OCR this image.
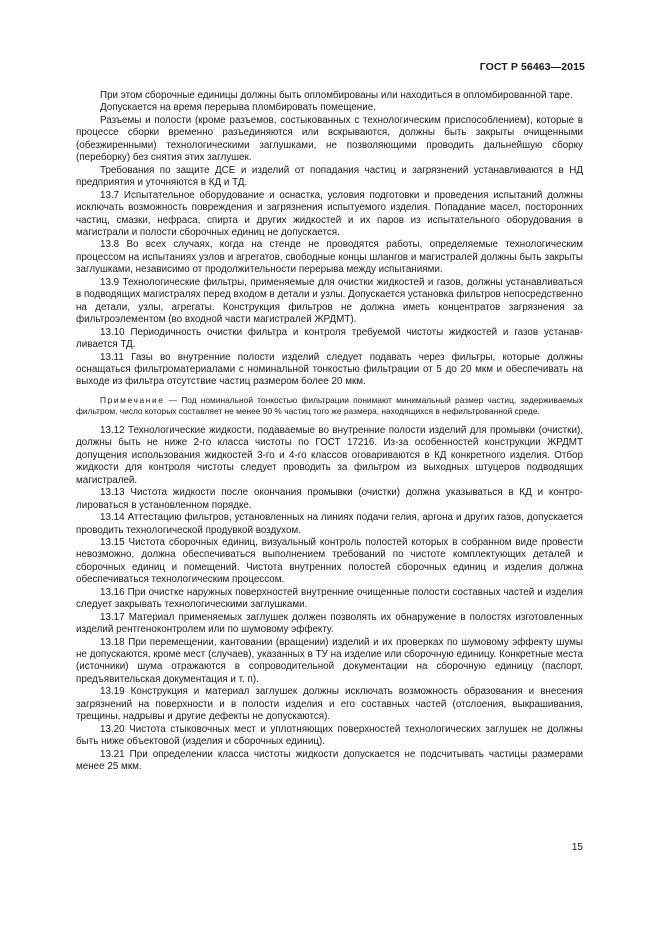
ГОСТ Р 56463—2015

При этом сборочные единицы должны быть опломбированы или находиться в опломбированной таре.

Допускается на время перерыва пломбировать помещение.

Разъемы и полости (кроме разъемов, состыкованных с технологическим приспособлением), которые в процессе сборки временно разъединяются или вскрываются, должны быть закрыты очищенными (обезжиренными) технологическими заглушками, не позволяющими проводить дальнейшую сборку (переборку) без снятия этих заглушек.

Требования по защите ДСЕ и изделий от попадания частиц и загрязнений устанавливаются в НД предприятия и уточняются в КД и ТД.

13.7 Испытательное оборудование и оснастка, условия подготовки и проведения испытаний должны исключать возможность повреждения и загрязнения испытуемого изделия. Попадание масел, посторонних частиц, смазки, нефраса, спирта и других жидкостей и их паров из испытательного оборудования в магистрали и полости сборочных единиц не допускается.

13.8 Во всех случаях, когда на стенде не проводятся работы, определяемые технологическим процессом на испытаниях узлов и агрегатов, свободные концы шлангов и магистралей должны быть закрыты заглушками, независимо от продолжительности перерыва между испытаниями.

13.9 Технологические фильтры, применяемые для очистки жидкостей и газов, должны устанавливаться в подводящих магистралях перед входом в детали и узлы. Допускается установка фильтров непосредственно на детали, узлы, агрегаты. Конструкция фильтров не должна иметь концентратов загрязнения за фильтроэлементом (во входной части магистралей ЖРДМТ).

13.10 Периодичность очистки фильтра и контроля требуемой чистоты жидкостей и газов устанавливается ТД.

13.11 Газы во внутренние полости изделий следует подавать через фильтры, которые должны оснащаться фильтроматериалами с номинальной тонкостью фильтрации от 5 до 20 мкм и обеспечивать на выходе из фильтра отсутствие частиц размером более 20 мкм.

Примечание — Под номинальной тонкостью фильтрации понимают минимальный размер частиц, задерживаемых фильтром, число которых составляет не менее 90 % частиц того же размера, находящихся в нефильтрованной среде.

13.12 Технологические жидкости, подаваемые во внутренние полости изделий для промывки (очистки), должны быть не ниже 2-го класса чистоты по ГОСТ 17216. Из-за особенностей конструкции ЖРДМТ допущения использования жидкостей 3-го и 4-го классов оговариваются в КД конкретного изделия. Отбор жидкости для контроля чистоты следует проводить за фильтром из выходных штуцеров подводящих магистралей.

13.13 Чистота жидкости после окончания промывки (очистки) должна указываться в КД и контролироваться в установленном порядке.

13.14 Аттестацию фильтров, установленных на линиях подачи гелия, аргона и других газов, допускается проводить технологической продувкой воздухом.

13.15 Чистота сборочных единиц, визуальный контроль полостей которых в собранном виде провести невозможно, должна обеспечиваться выполнением требований по чистоте комплектующих деталей и сборочных единиц и помещений. Чистота внутренних полостей сборочных единиц и изделия должна обеспечиваться технологическим процессом.

13.16 При очистке наружных поверхностей внутренние очищенные полости составных частей и изделия следует закрывать технологическими заглушками.

13.17 Материал применяемых заглушек должен позволять их обнаружение в полостях изготовленных изделий рентгеноконтролем или по шумовому эффекту.

13.18 При перемещении, кантовании (вращении) изделий и их проверках по шумовому эффекту шумы не допускаются, кроме мест (случаев), указанных в ТУ на изделие или сборочную единицу. Конкретные места (источники) шума отражаются в сопроводительной документации на сборочную единицу (паспорт, предъявительская документация и т. п).

13.19 Конструкция и материал заглушек должны исключать возможность образования и внесения загрязнений на поверхности и в полости изделия и его составных частей (отслоения, выкрашивания, трещины, надрывы и другие дефекты не допускаются).

13.20 Чистота стыковочных мест и уплотняющих поверхностей технологических заглушек не должны быть ниже объектовой (изделия и сборочных единиц).

13.21 При определении класса чистоты жидкости допускается не подсчитывать частицы размерами менее 25 мкм.

15
